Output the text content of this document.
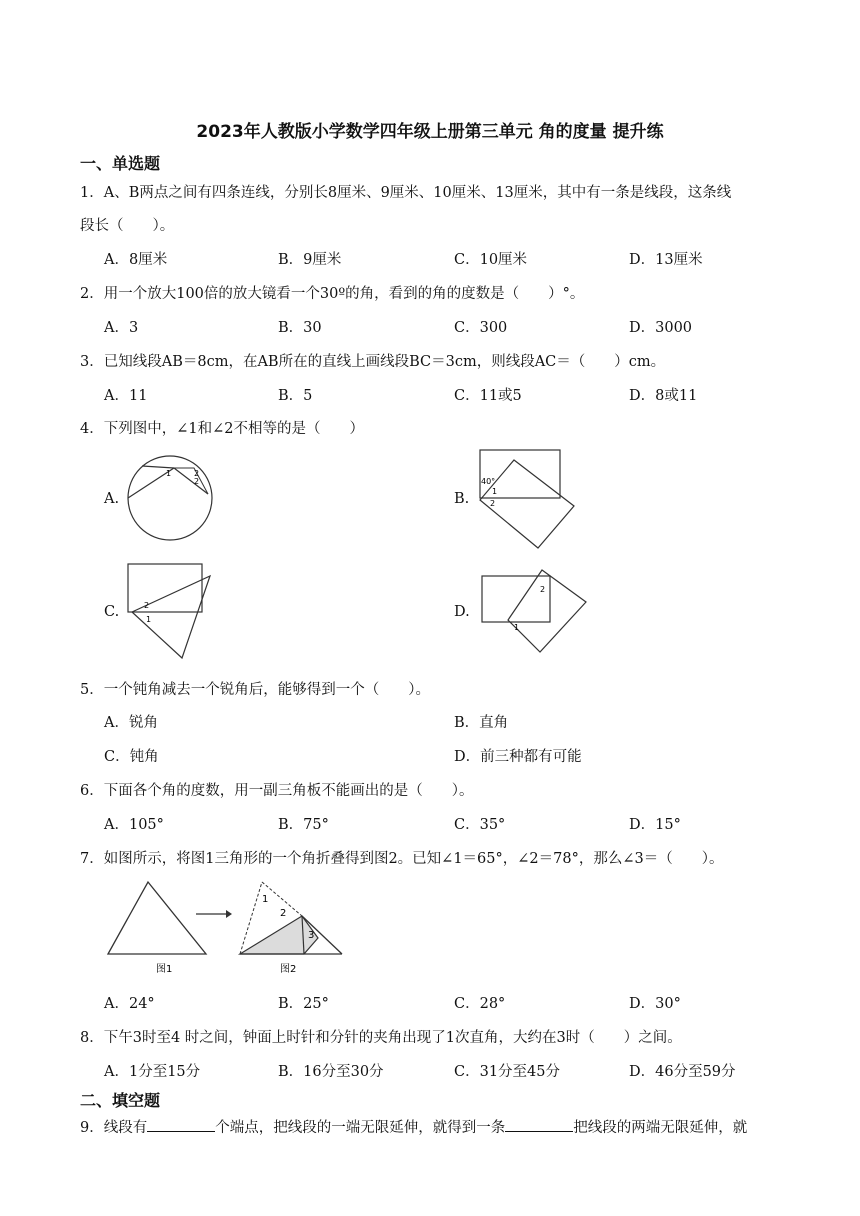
2023年人教版小学数学四年级上册第三单元 角的度量 提升练
一、单选题
1．A、B两点之间有四条连线，分别长8厘米、9厘米、10厘米、13厘米，其中有一条是线段，这条线
段长（　　）。
A．8厘米	B．9厘米	C．10厘米	D．13厘米
2．用一个放大100倍的放大镜看一个30º的角，看到的角的度数是（　　）°。
A．3	B．30	C．300	D．3000
3．已知线段AB＝8cm，在AB所在的直线上画线段BC＝3cm，则线段AC＝（　　）cm。
A．11	B．5	C．11或5	D．8或11
4．下列图中，∠1和∠2不相等的是（　　）
A.
1	2
2
B.
40°
1
2
C.	2
1	D.
2
1
5．一个钝角减去一个锐角后，能够得到一个（　　）。
A．锐角	B．直角
C．钝角	D．前三种都有可能
6．下面各个角的度数，用一副三角板不能画出的是（　　）。
A．105°	B．75°	C．35°	D．15°
7．如图所示，将图1三角形的一个角折叠得到图2。已知∠1＝65°，∠2＝78°，那么∠3＝（　　）。
1
2
3
图1	图2
A．24°	B．25°	C．28°	D．30°
8．下午3时至4 时之间，钟面上时针和分针的夹角出现了1次直角，大约在3时（　　）之间。
A．1分至15分	B．16分至30分	C．31分至45分	D．46分至59分
二、填空题
9．线段有	个端点，把线段的一端无限延伸，就得到一条	把线段的两端无限延伸，就
